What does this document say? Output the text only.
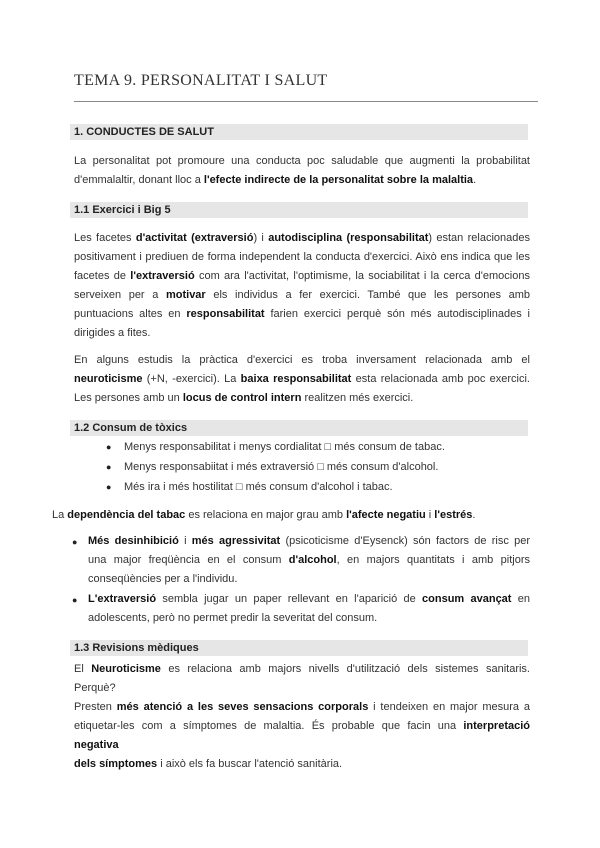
TEMA 9. PERSONALITAT I SALUT
1. CONDUCTES DE SALUT
La personalitat pot promoure una conducta poc saludable que augmenti la probabilitat
d'emmalaltir, donant lloc a l'efecte indirecte de la personalitat sobre la malaltia.
1.1 Exercici i Big 5
Les facetes d'activitat (extraversió) i autodisciplina (responsabilitat) estan relacionades
positivament i prediuen de forma independent la conducta d'exercici. Això ens indica que les
facetes de l'extraversió com ara l'activitat, l'optimisme, la sociabilitat i la cerca d'emocions
serveixen per a motivar els individus a fer exercici. També que les persones amb
puntuacions altes en responsabilitat farien exercici perquè són més autodisciplinades i
dirigides a fites.
En alguns estudis la pràctica d'exercici es troba inversament relacionada amb el
neuroticisme (+N, -exercici). La baixa responsabilitat esta relacionada amb poc exercici.
Les persones amb un locus de control intern realitzen més exercici.
1.2 Consum de tòxics
● Menys responsabilitat i menys cordialitat □ més consum de tabac.
● Menys responsabiitat i més extraversió □ més consum d'alcohol.
● Més ira i més hostilitat □ més consum d'alcohol i tabac.
La dependència del tabac es relaciona en major grau amb l'afecte negatiu i l'estrés.
● Més desinhibició i més agressivitat (psicoticisme d'Eysenck) són factors de risc per
una major freqüència en el consum d'alcohol, en majors quantitats i amb pitjors
conseqüències per a l'individu.
● L'extraversió sembla jugar un paper rellevant en l'aparició de consum avançat en
adolescents, però no permet predir la severitat del consum.
1.3 Revisions mèdiques
El Neuroticisme es relaciona amb majors nivells d'utilització dels sistemes sanitaris. Perquè?
Presten més atenció a les seves sensacions corporals i tendeixen en major mesura a
etiquetar-les com a símptomes de malaltia. És probable que facin una interpretació negativa
dels símptomes i això els fa buscar l'atenció sanitària.
